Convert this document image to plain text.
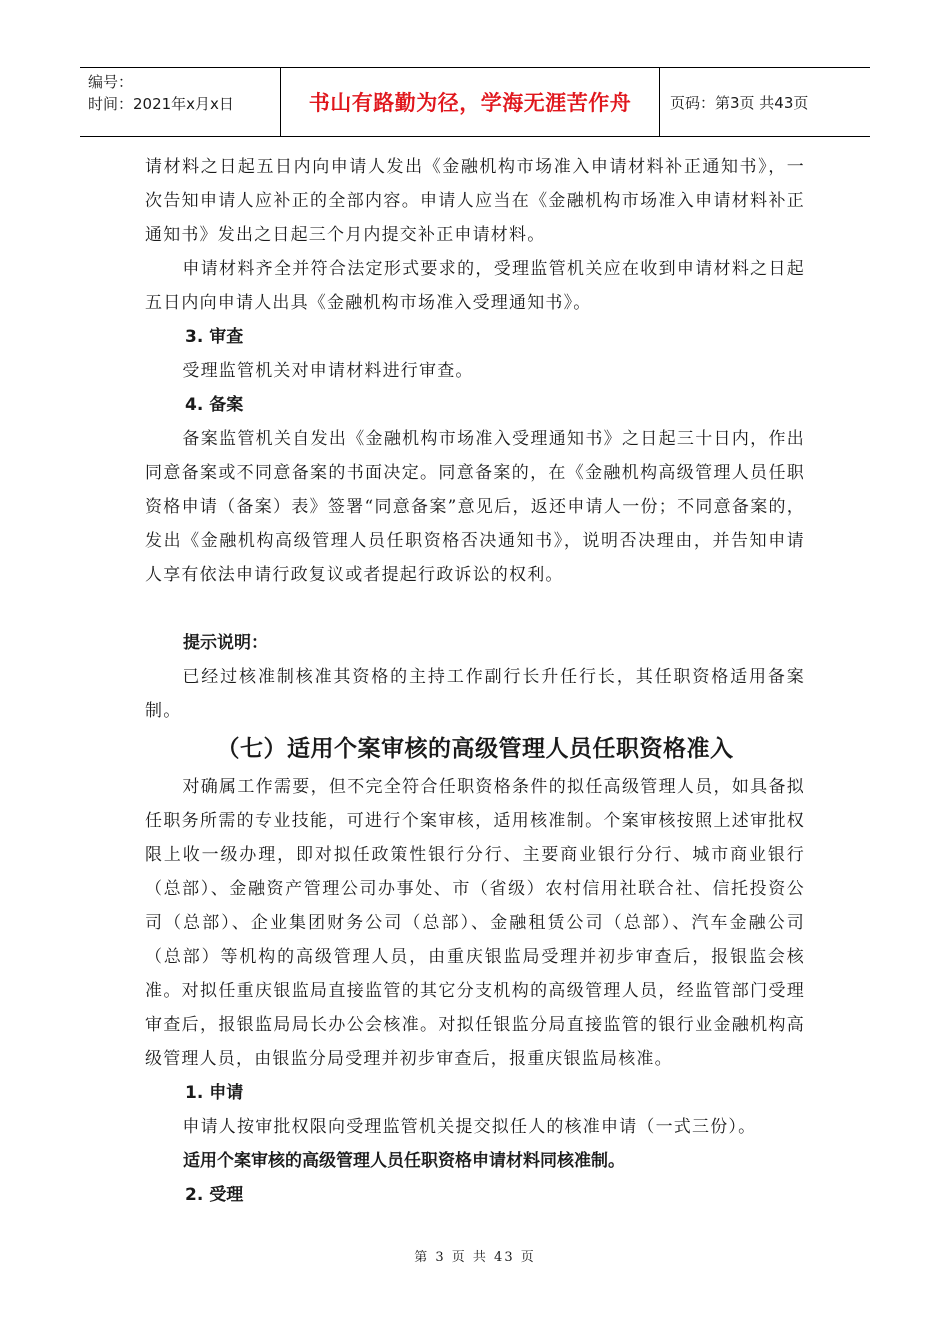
编号：
时间：2021年x月x日	书山有路勤为径，学海无涯苦作舟	页码：第3页 共43页

请材料之日起五日内向申请人发出《金融机构市场准入申请材料补正通知书》，一次告知申请人应补正的全部内容。申请人应当在《金融机构市场准入申请材料补正通知书》发出之日起三个月内提交补正申请材料。

申请材料齐全并符合法定形式要求的，受理监管机关应在收到申请材料之日起五日内向申请人出具《金融机构市场准入受理通知书》。

3. 审查

受理监管机关对申请材料进行审查。

4. 备案

备案监管机关自发出《金融机构市场准入受理通知书》之日起三十日内，作出同意备案或不同意备案的书面决定。同意备案的，在《金融机构高级管理人员任职资格申请（备案）表》签署“同意备案”意见后，返还申请人一份；不同意备案的，发出《金融机构高级管理人员任职资格否决通知书》，说明否决理由，并告知申请人享有依法申请行政复议或者提起行政诉讼的权利。

提示说明：

已经过核准制核准其资格的主持工作副行长升任行长，其任职资格适用备案制。

（七）适用个案审核的高级管理人员任职资格准入

对确属工作需要，但不完全符合任职资格条件的拟任高级管理人员，如具备拟任职务所需的专业技能，可进行个案审核，适用核准制。个案审核按照上述审批权限上收一级办理，即对拟任政策性银行分行、主要商业银行分行、城市商业银行（总部）、金融资产管理公司办事处、市（省级）农村信用社联合社、信托投资公司（总部）、企业集团财务公司（总部）、金融租赁公司（总部）、汽车金融公司（总部）等机构的高级管理人员，由重庆银监局受理并初步审查后，报银监会核准。对拟任重庆银监局直接监管的其它分支机构的高级管理人员，经监管部门受理审查后，报银监局局长办公会核准。对拟任银监分局直接监管的银行业金融机构高级管理人员，由银监分局受理并初步审查后，报重庆银监局核准。

1. 申请

申请人按审批权限向受理监管机关提交拟任人的核准申请（一式三份）。

适用个案审核的高级管理人员任职资格申请材料同核准制。

2. 受理

第 3 页 共 43 页
